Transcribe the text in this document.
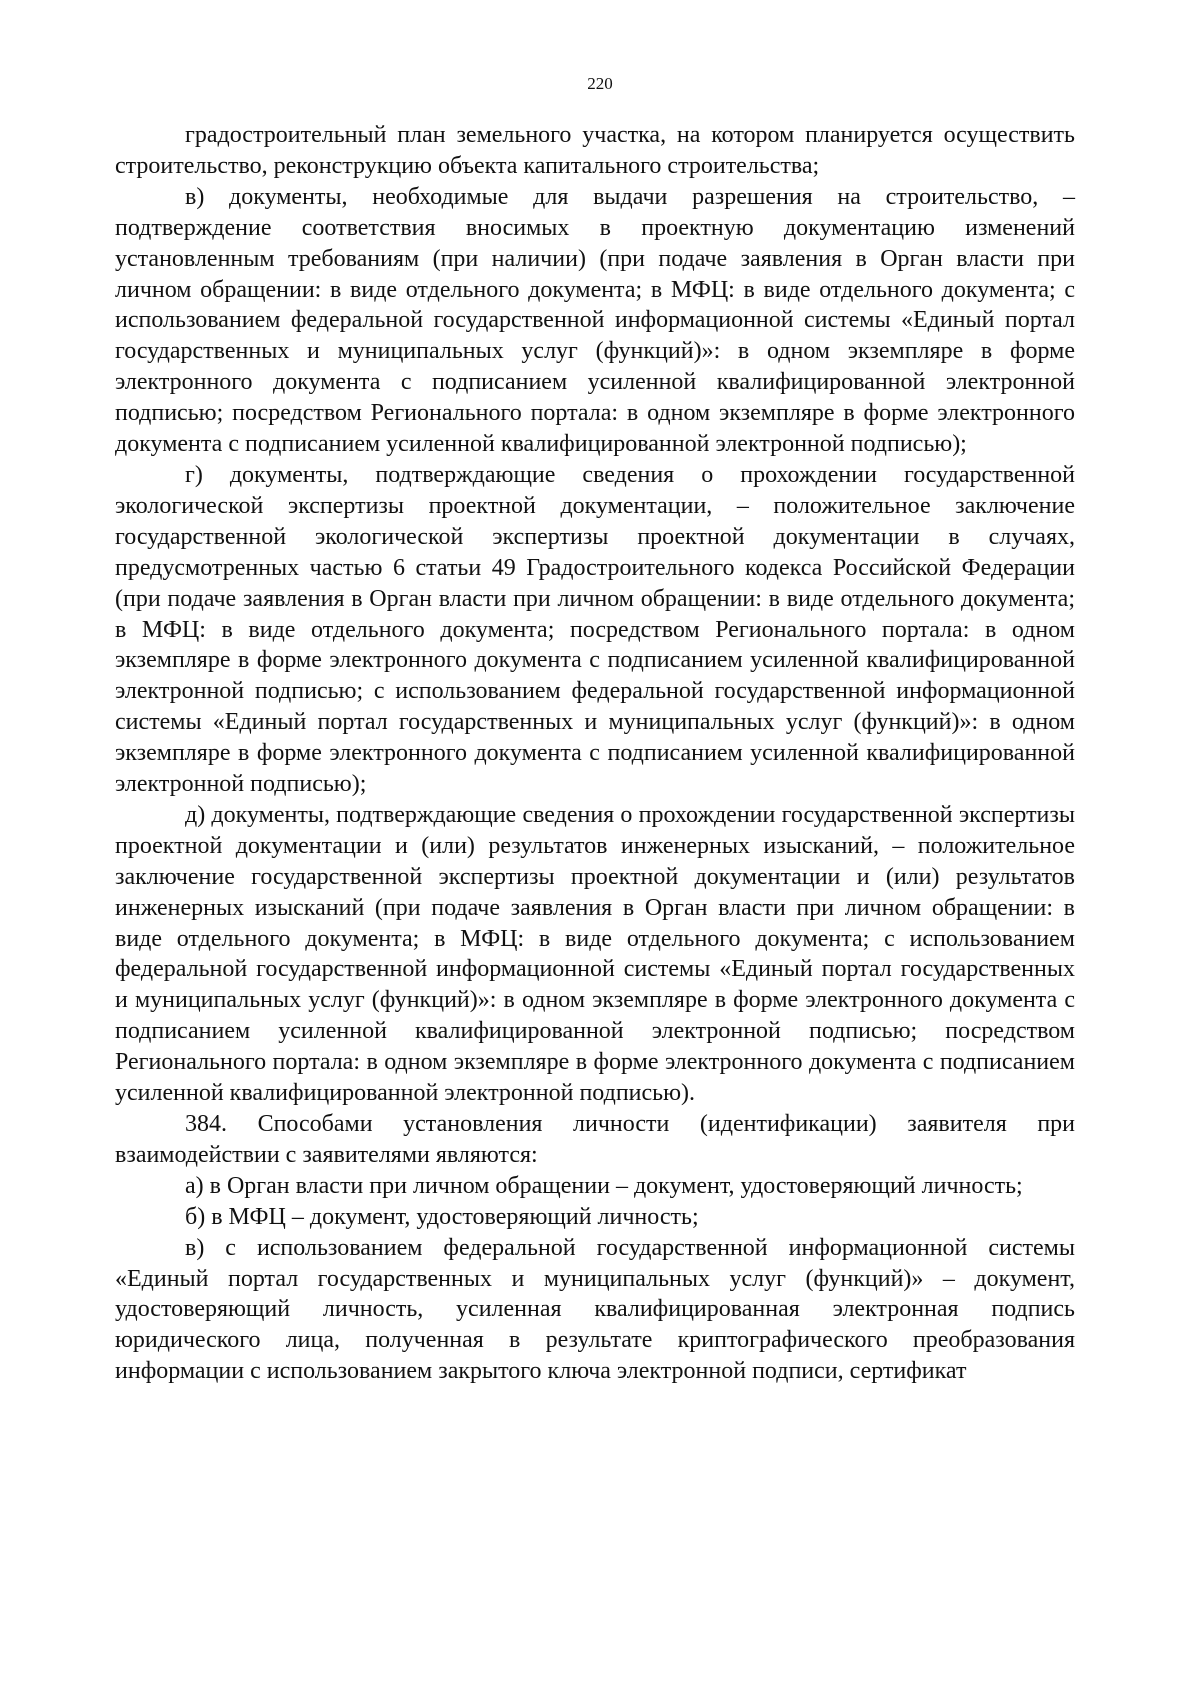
220

градостроительный план земельного участка, на котором планируется осуществить строительство, реконструкцию объекта капитального строительства;

в) документы, необходимые для выдачи разрешения на строительство, – подтверждение соответствия вносимых в проектную документацию изменений установленным требованиям (при наличии) (при подаче заявления в Орган власти при личном обращении: в виде отдельного документа; в МФЦ: в виде отдельного документа; с использованием федеральной государственной информационной системы «Единый портал государственных и муниципальных услуг (функций)»: в одном экземпляре в форме электронного документа с подписанием усиленной квалифицированной электронной подписью; посредством Регионального портала: в одном экземпляре в форме электронного документа с подписанием усиленной квалифицированной электронной подписью);

г) документы, подтверждающие сведения о прохождении государственной экологической экспертизы проектной документации, – положительное заключение государственной экологической экспертизы проектной документации в случаях, предусмотренных частью 6 статьи 49 Градостроительного кодекса Российской Федерации (при подаче заявления в Орган власти при личном обращении: в виде отдельного документа; в МФЦ: в виде отдельного документа; посредством Регионального портала: в одном экземпляре в форме электронного документа с подписанием усиленной квалифицированной электронной подписью; с использованием федеральной государственной информационной системы «Единый портал государственных и муниципальных услуг (функций)»: в одном экземпляре в форме электронного документа с подписанием усиленной квалифицированной электронной подписью);

д) документы, подтверждающие сведения о прохождении государственной экспертизы проектной документации и (или) результатов инженерных изысканий, – положительное заключение государственной экспертизы проектной документации и (или) результатов инженерных изысканий (при подаче заявления в Орган власти при личном обращении: в виде отдельного документа; в МФЦ: в виде отдельного документа; с использованием федеральной государственной информационной системы «Единый портал государственных и муниципальных услуг (функций)»: в одном экземпляре в форме электронного документа с подписанием усиленной квалифицированной электронной подписью; посредством Регионального портала: в одном экземпляре в форме электронного документа с подписанием усиленной квалифицированной электронной подписью).

384. Способами установления личности (идентификации) заявителя при взаимодействии с заявителями являются:

а) в Орган власти при личном обращении – документ, удостоверяющий личность;

б) в МФЦ – документ, удостоверяющий личность;

в) с использованием федеральной государственной информационной системы «Единый портал государственных и муниципальных услуг (функций)» – документ, удостоверяющий личность, усиленная квалифицированная электронная подпись юридического лица, полученная в результате криптографического преобразования информации с использованием закрытого ключа электронной подписи, сертификат
